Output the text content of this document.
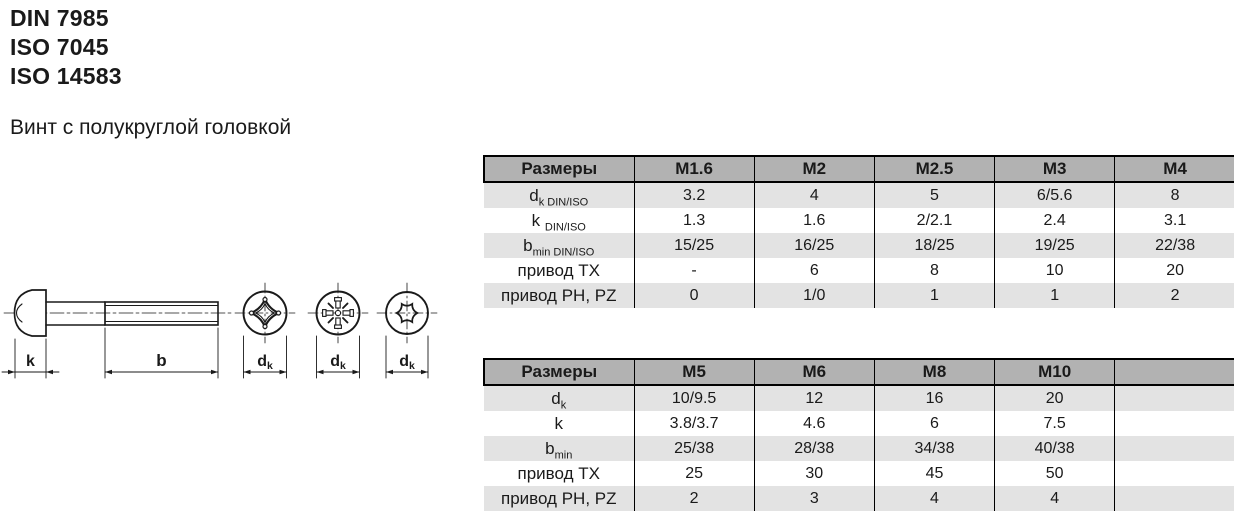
DIN 7985
ISO 7045
ISO 14583
Винт с полукруглой головкой
k	b	dk	dk	dk
Размеры	M1.6	M2	M2.5	M3	M4
$d_{k DIN/ISO}$	3.2	4	5	6/5.6	8
k $_{DIN/ISO}$	1.3	1.6	2/2.1	2.4	3.1
$b_{min DIN/ISO}$	15/25	16/25	18/25	19/25	22/38
привод TX	-	6	8	10	20
привод PH, PZ	0	1/0	1	1	2
Размеры	M5	M6	M8	M10	
$d_k$	10/9.5	12	16	20	
k	3.8/3.7	4.6	6	7.5	
$b_{min}$	25/38	28/38	34/38	40/38	
привод TX	25	30	45	50	
привод PH, PZ	2	3	4	4	
